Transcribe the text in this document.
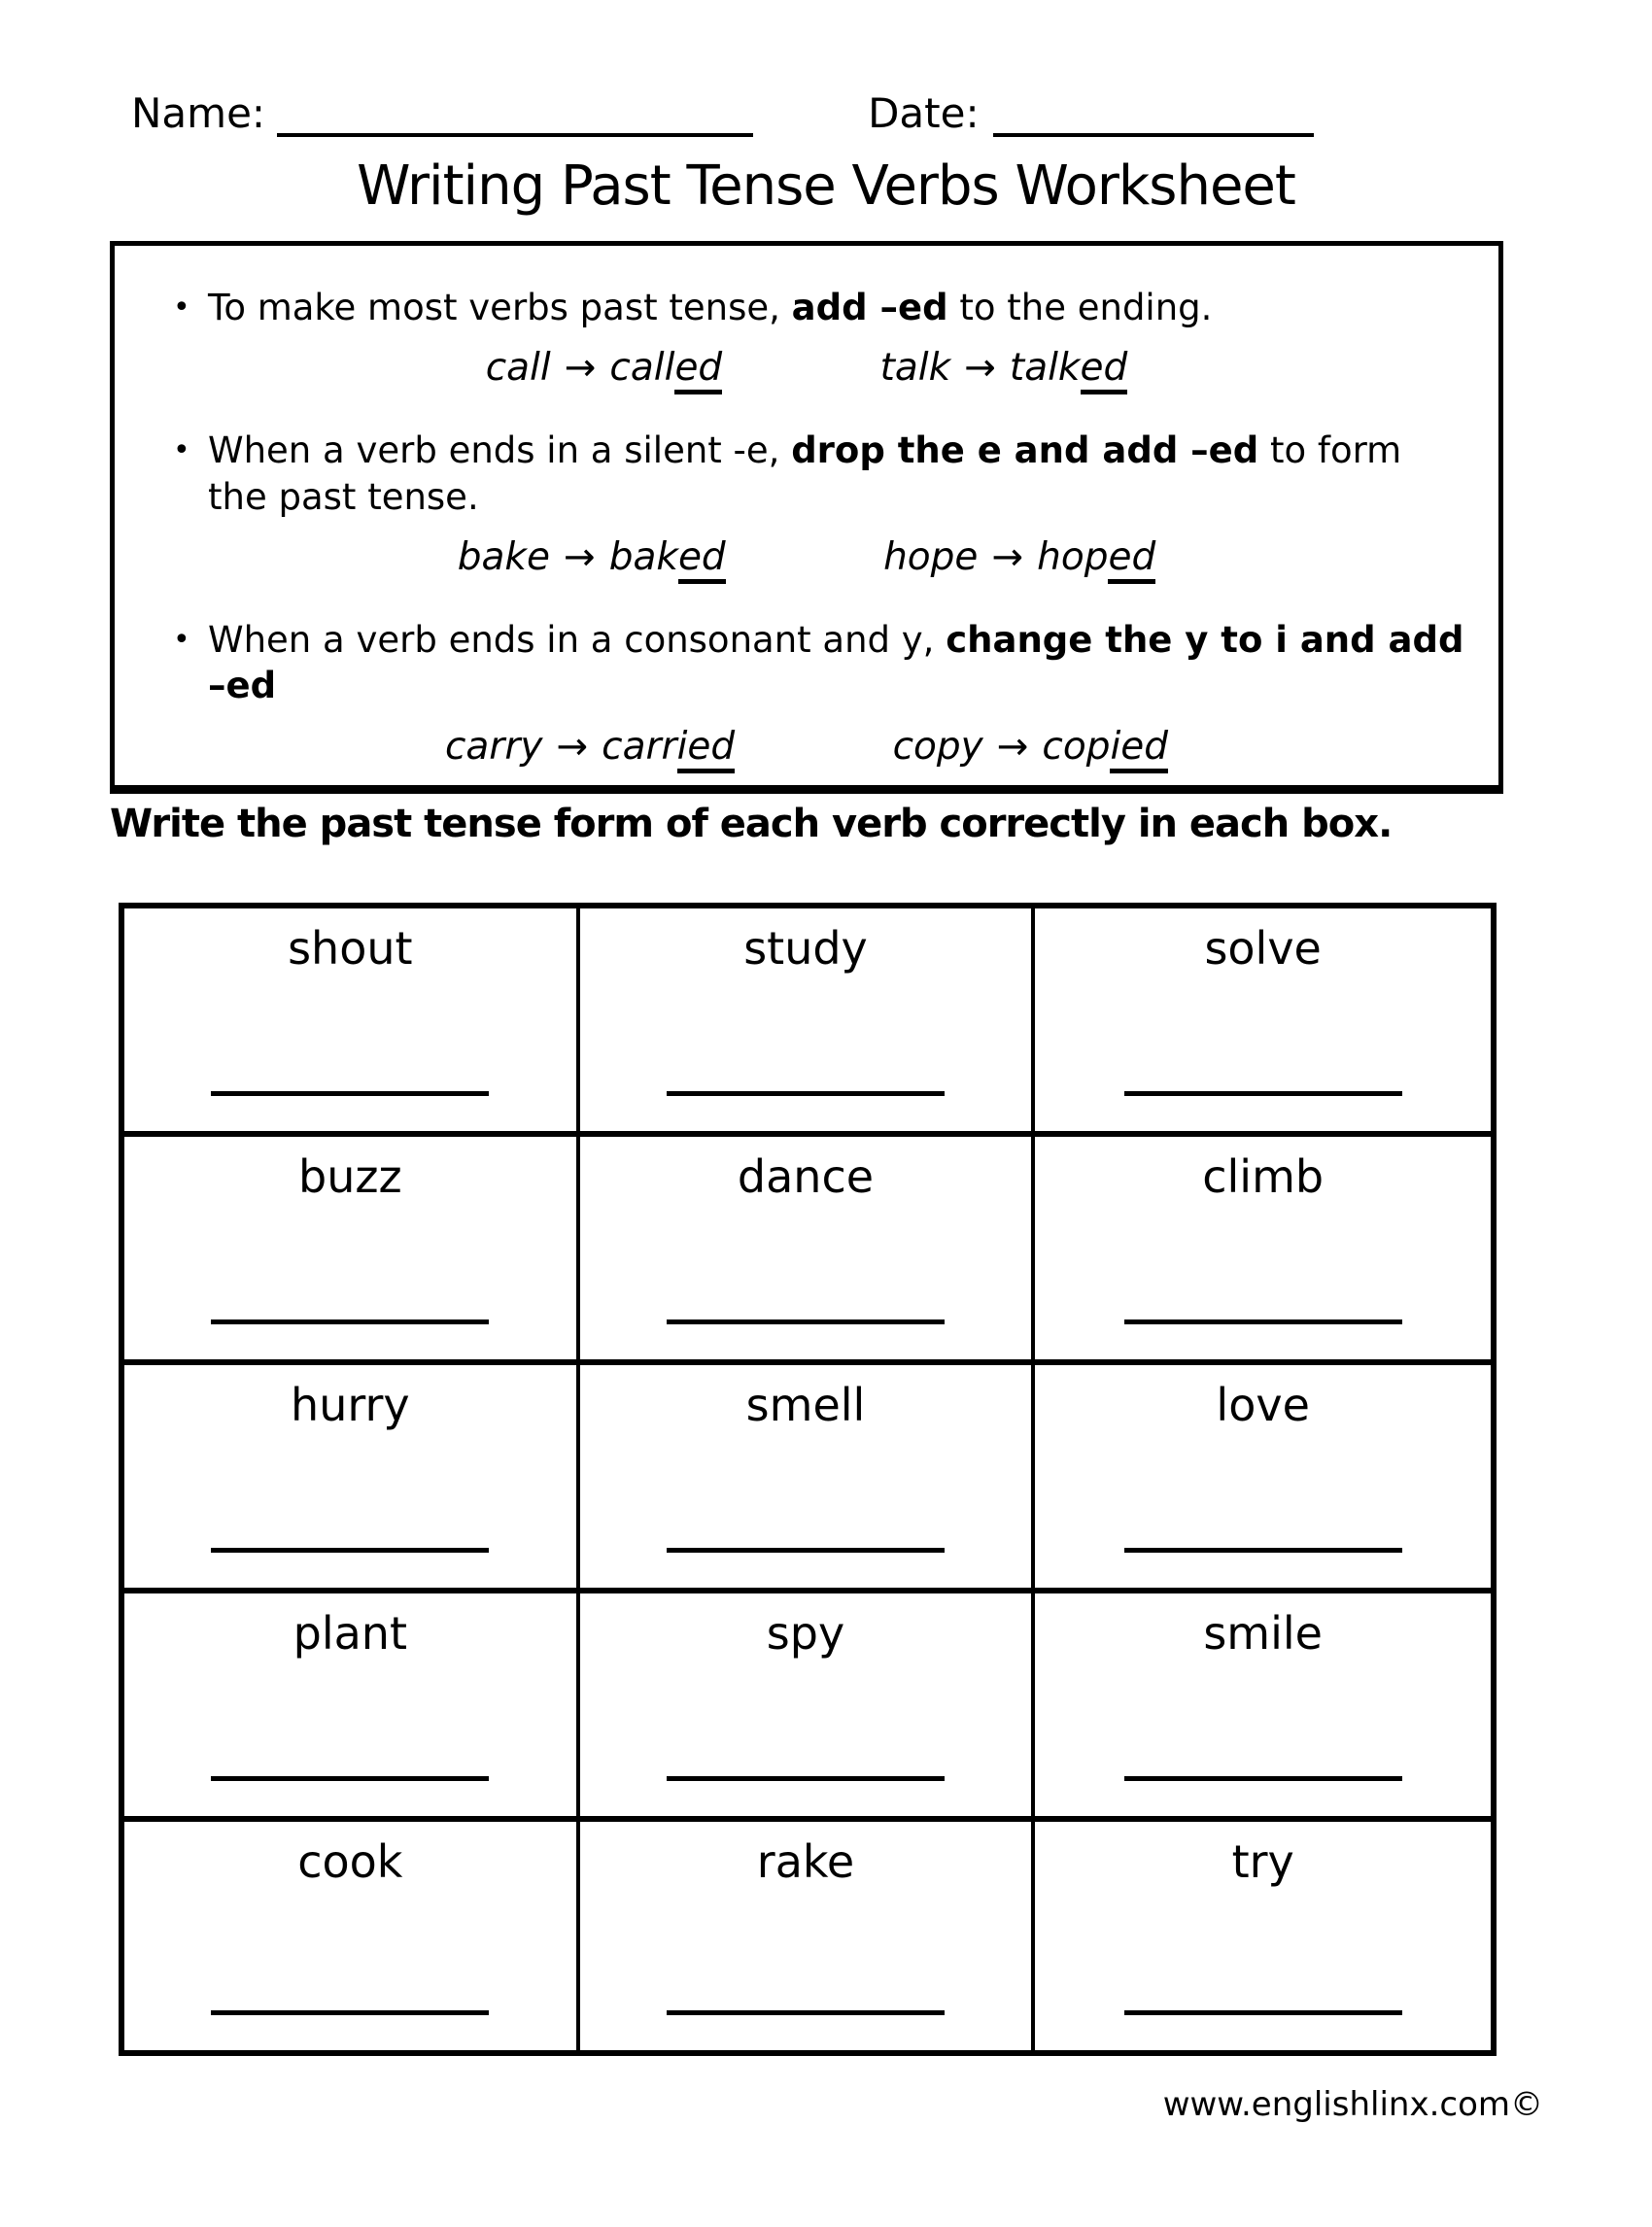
Name:	Date:
Writing Past Tense Verbs Worksheet
• To make most verbs past tense, add –ed to the ending.
call → called	talk → talked
• When a verb ends in a silent -e, drop the e and add –ed to form the past tense.
bake → baked	hope → hoped
• When a verb ends in a consonant and y, change the y to i and add –ed
carry → carried	copy → copied
Write the past tense form of each verb correctly in each box.
shout	study	solve
buzz	dance	climb
hurry	smell	love
plant	spy	smile
cook	rake	try
www.englishlinx.com©
